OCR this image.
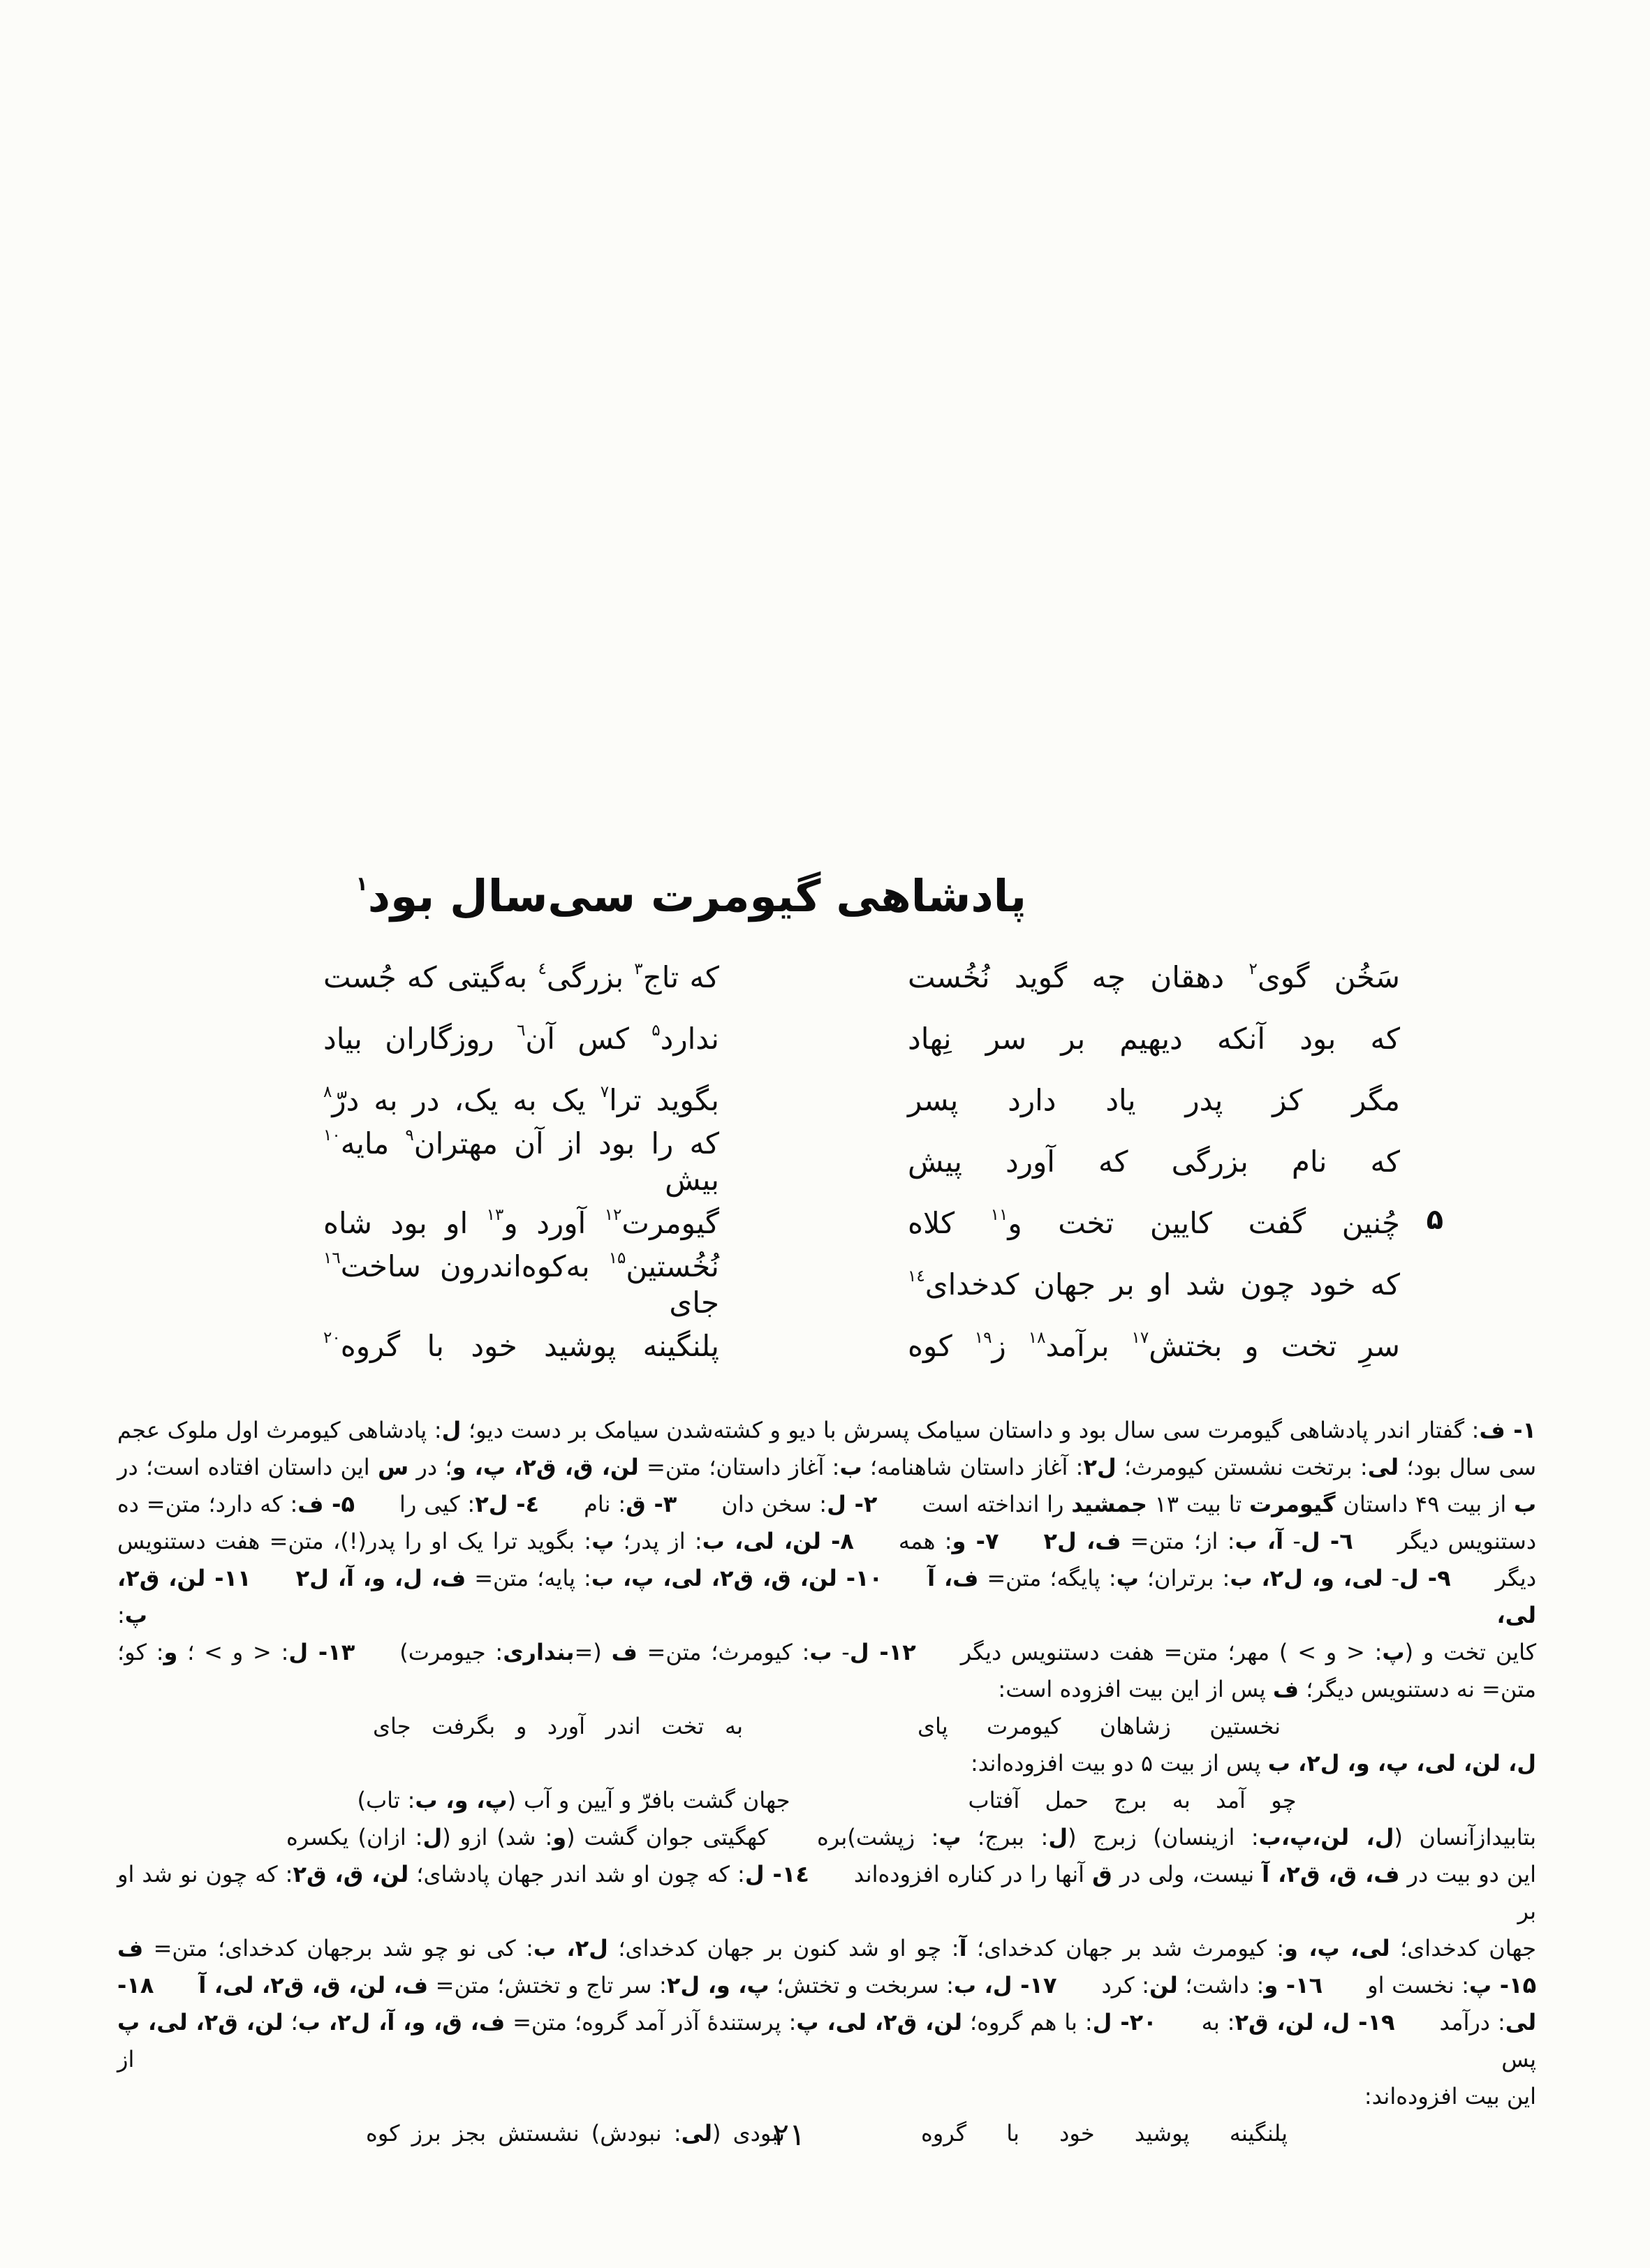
پادشاهی گیومرت سی‌سال بود$^۱$
سَخُن گوی$^۲$ دهقان چه گوید نُخُست
که تاج$^۳$ بزرگی$^٤$ به‌گیتی که جُست
که بود آنکه دیهیم بر سر نِهاد
ندارد$^۵$ کس آن$^٦$ روزگاران بیاد
مگر کز پدر یاد دارد پسر
بگوید ترا$^۷$ یک به یک، در به درّ$^۸$
که نام بزرگی که آورد پیش
که را بود از آن مهتران$^۹$ مایه$^{۱۰}$ بیش
چُنین گفت کایین تخت و$^{۱۱}$ کلاه
گیومرت$^{۱۲}$ آورد و$^{۱۳}$ او بود شاه	۵
که خود چون شد او بر جهان کدخدای$^{۱٤}$
نُخُستین$^{۱۵}$ به‌کوه‌اندرون ساخت$^{۱٦}$ جای
سرِ تخت و بختش$^{۱۷}$ برآمد$^{۱۸}$ ز$^{۱۹}$ کوه
پلنگینه پوشید خود با گروه$^{۲۰}$
۱- ف: گفتار اندر پادشاهی گیومرت سی سال بود و داستان سیامک پسرش با دیو و کشته‌شدن سیامک بر دست دیو؛ ل: پادشاهی کیومرث اول ملوک عجم
سی سال بود؛ لی: برتخت نشستن کیومرث؛ ل۲: آغاز داستان شاهنامه؛ ب: آغاز داستان؛ متن= لن، ق، ق۲، پ، و؛ در س این داستان افتاده است؛ در
ب از بیت ۴۹ داستان گیومرت تا بیت ۱۳ جمشید را انداخته است  ۲- ل: سخن دان  ۳- ق: نام  ٤- ل۲: کیی را  ۵- ف: که دارد؛ متن= ده
دستنویس دیگر  ٦- ل- آ، ب: از؛ متن= ف، ل۲  ۷- و: همه  ۸- لن، لی، ب: از پدر؛ پ: بگوید ترا یک او را پدر(!)، متن= هفت دستنویس
دیگر  ۹- ل- لی، و، ل۲، ب: برتران؛ پ: پایگه؛ متن= ف، آ  ۱۰- لن، ق، ق۲، لی، پ، ب: پایه؛ متن= ف، ل، و، آ، ل۲  ۱۱- لن، ق۲، لی، پ:
کاین تخت و (پ: < و > ) مهر؛ متن= هفت دستنویس دیگر  ۱۲- ل- ب: کیومرث؛ متن= ف (=بنداری: جیومرت)  ۱۳- ل: < و > ؛ و: کو؛
متن= نه دستنویس دیگر؛ ف پس از این بیت افزوده است:
نخستین زشاهان کیومرت پای
به تخت اندر آورد و بگرفت جای
ل، لن، لی، پ، و، ل۲، ب پس از بیت ۵ دو بیت افزوده‌اند:
چو آمد به برج حمل آفتاب
جهان گشت بافرّ و آیین و آب (پ، و، ب: تاب)
بتابیدازآنسان (ل، لن،پ،ب: ازینسان) زبرج (ل: ببرج؛ پ: زپشت)بره
کهگیتی جوان گشت (و: شد) ازو (ل: ازان) یکسره
این دو بیت در ف، ق، ق۲، آ نیست، ولی در ق آنها را در کناره افزوده‌اند  ۱٤- ل: که چون او شد اندر جهان پادشای؛ لن، ق، ق۲: که چون نو شد او بر
جهان کدخدای؛ لی، پ، و: کیومرث شد بر جهان کدخدای؛ آ: چو او شد کنون بر جهان کدخدای؛ ل۲، ب: کی نو چو شد برجهان کدخدای؛ متن= ف
۱۵- پ: نخست او  ۱٦- و: داشت؛ لن: کرد  ۱۷- ل، ب: سربخت و تختش؛ پ، و، ل۲: سر تاج و تختش؛ متن= ف، لن، ق، ق۲، لی، آ  ۱۸-
لی: درآمد  ۱۹- ل، لن، ق۲: به  ۲۰- ل: با هم گروه؛ لن، ق۲، لی، پ: پرستندهٔ آذر آمد گروه؛ متن= ف، ق، و، آ، ل۲، ب؛ لن، ق۲، لی، پ پس از
این بیت افزوده‌اند:
پلنگینه پوشید خود با گروه
نبودی (لی: نبودش) نشستش بجز برز کوه	۲۱
